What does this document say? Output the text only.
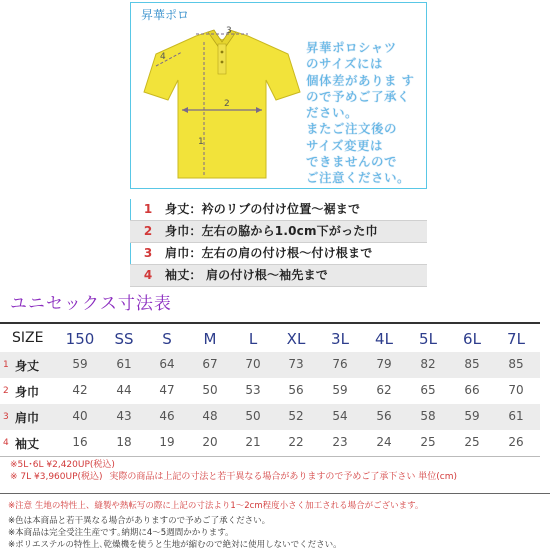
昇華ポロ
3
4
2
1
昇華ポロシャツ
のサイズには
個体差がありま す
ので予めご了承く
ださい。
またご注文後の
サイズ変更は
できませんので
ご注意ください。
1 身丈：衿のリブの付け位置～裾まで
2 身巾：左右の脇から1.0cm下がった巾
3 肩巾：左右の肩の付け根～付け根まで
4 袖丈： 肩の付け根～袖先まで
ユニセックス寸法表
SIZE 150	SS	S	M	L	XL	3L	4L	5L	6L	7L
1 身丈	59	61	64	67	70	73	76	79	82	85	85
2 身巾	42	44	47	50	53	56	59	62	65	66	70
3 肩巾	40	43	46	48	50	52	54	56	58	59	61
4 袖丈	16	18	19	20	21	22	23	24	25	25	26
※5L･6L ¥2,420UP(税込)
※ 7L ¥3,960UP(税込) 実際の商品は上記の寸法と若干異なる場合がありますので予めご了承下さい 単位(cm)
※注意 生地の特性上、縫製や熱転写の際に上記の寸法より1～2cm程度小さく加工される場合がございます。
※色は本商品と若干異なる場合がありますので予めご了承ください。
※本商品は完全受注生産です｡納期に4～5週間かかります。
※ポリエステルの特性上､乾燥機を使うと生地が縮むので絶対に使用しないでください。
